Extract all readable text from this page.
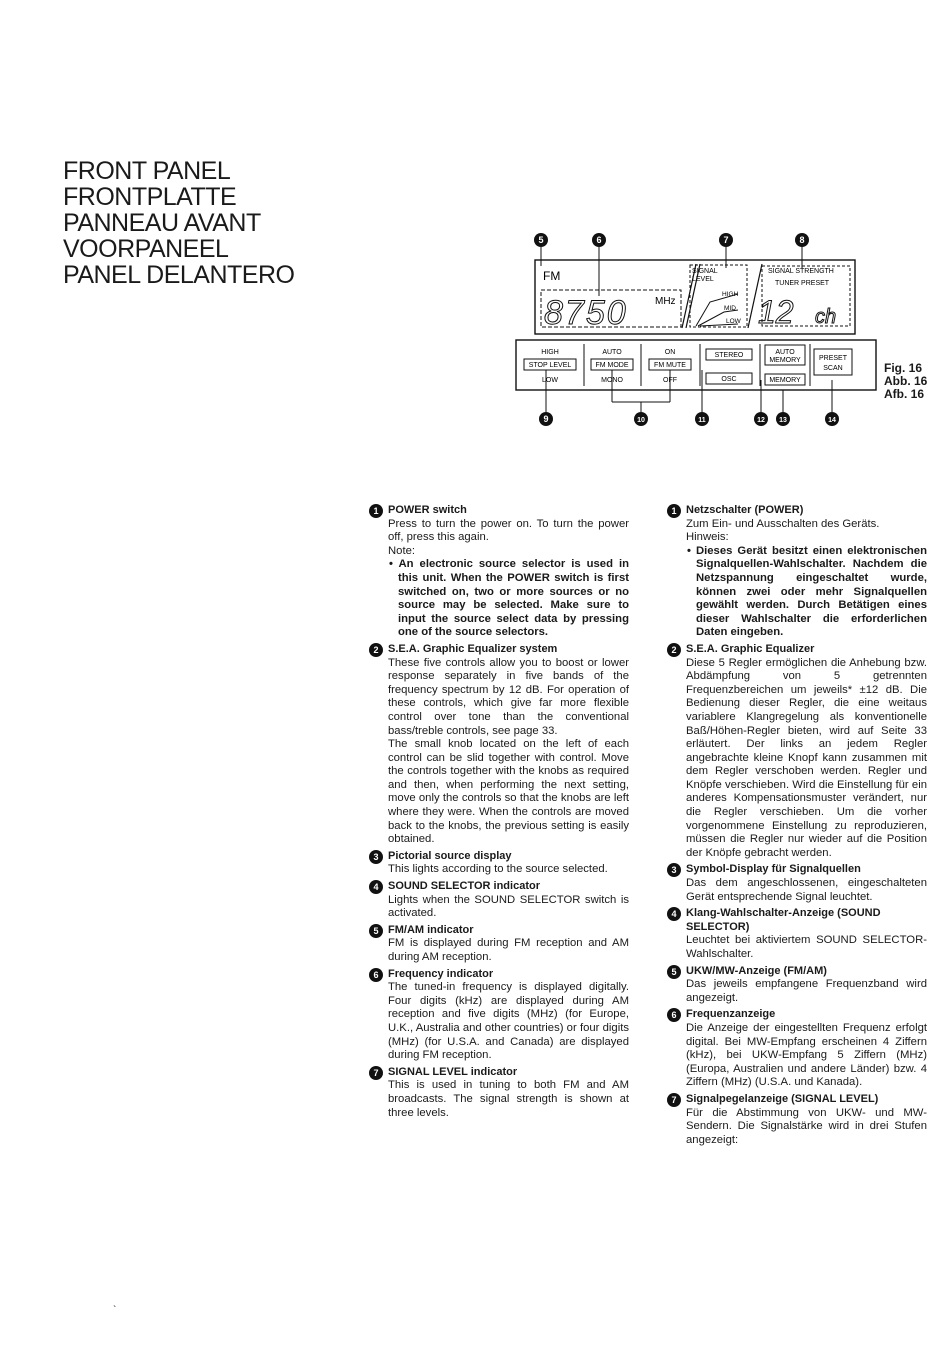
FRONT PANEL
FRONTPLATTE
PANNEAU AVANT
VOORPANEEL
PANEL DELANTERO
5	6	7	8
9	10	11	12 13	14
FM
8750	MHz
SIGNAL
LEVEL
HIGH
MID
LOW
SIGNAL STRENGTH
TUNER PRESET
12 ch
HIGH
STOP LEVEL
LOW
AUTO
FM MODE
MONO
ON
FM MUTE
OFF
STEREO
OSC
AUTO
MEMORY
MEMORY
PRESET
SCAN	Fig. 16
Abb. 16
Afb. 16
1 POWER switch

Press to turn the power on. To turn the power off, press this again.

Note:

• An electronic source selector is used in this unit. When the POWER switch is first switched on, two or more sources or no source may be selected. Make sure to input the source select data by pressing one of the source selectors.

2 S.E.A. Graphic Equalizer system

These five controls allow you to boost or lower response separately in five bands of the frequency spectrum by 12 dB. For operation of these controls, which give far more flexible control over tone than the conventional bass/treble controls, see page 33.

The small knob located on the left of each control can be slid together with control. Move the controls together with the knobs as required and then, when performing the next setting, move only the controls so that the knobs are left where they were. When the controls are moved back to the knobs, the previous setting is easily obtained.

3 Pictorial source display

This lights according to the source selected.

4 SOUND SELECTOR indicator

Lights when the SOUND SELECTOR switch is activated.

5 FM/AM indicator

FM is displayed during FM reception and AM during AM reception.

6 Frequency indicator

The tuned-in frequency is displayed digitally. Four digits (kHz) are displayed during AM reception and five digits (MHz) (for Europe, U.K., Australia and other countries) or four digits (MHz) (for U.S.A. and Canada) are displayed during FM reception.

7 SIGNAL LEVEL indicator

This is used in tuning to both FM and AM broadcasts. The signal strength is shown at three levels.

1 Netzschalter (POWER)

Zum Ein- und Ausschalten des Geräts.

Hinweis:

• Dieses Gerät besitzt einen elektronischen Signalquellen-Wahlschalter. Nachdem die Netzspannung eingeschaltet wurde, können zwei oder mehr Signalquellen gewählt werden. Durch Betätigen eines dieser Wahlschalter die erforderlichen Daten eingeben.

2 S.E.A. Graphic Equalizer

Diese 5 Regler ermöglichen die Anhebung bzw. Abdämpfung von 5 getrennten Frequenzbereichen um jeweils* ±12 dB. Die Bedienung dieser Regler, die eine weitaus variablere Klangregelung als konventionelle Baß/Höhen-Regler bieten, wird auf Seite 33 erläutert. Der links an jedem Regler angebrachte kleine Knopf kann zusammen mit dem Regler verschoben werden. Regler und Knöpfe verschieben. Wird die Einstellung für ein anderes Kompensationsmuster verändert, nur die Regler verschieben. Um die vorher vorgenommene Einstellung zu reproduzieren, müssen die Regler nur wieder auf die Position der Knöpfe gebracht werden.

3 Symbol-Display für Signalquellen

Das dem angeschlossenen, eingeschalteten Gerät entsprechende Signal leuchtet.

4 Klang-Wahlschalter-Anzeige (SOUND SELECTOR)

Leuchtet bei aktiviertem SOUND SELECTOR-Wahlschalter.

5 UKW/MW-Anzeige (FM/AM)

Das jeweils empfangene Frequenzband wird angezeigt.

6 Frequenzanzeige

Die Anzeige der eingestellten Frequenz erfolgt digital. Bei MW-Empfang erscheinen 4 Ziffern (kHz), bei UKW-Empfang 5 Ziffern (MHz) (Europa, Australien und andere Länder) bzw. 4 Ziffern (MHz) (U.S.A. und Kanada).

7 Signalpegelanzeige (SIGNAL LEVEL)

Für die Abstimmung von UKW- und MW-Sendern. Die Signalstärke wird in drei Stufen angezeigt:

`
